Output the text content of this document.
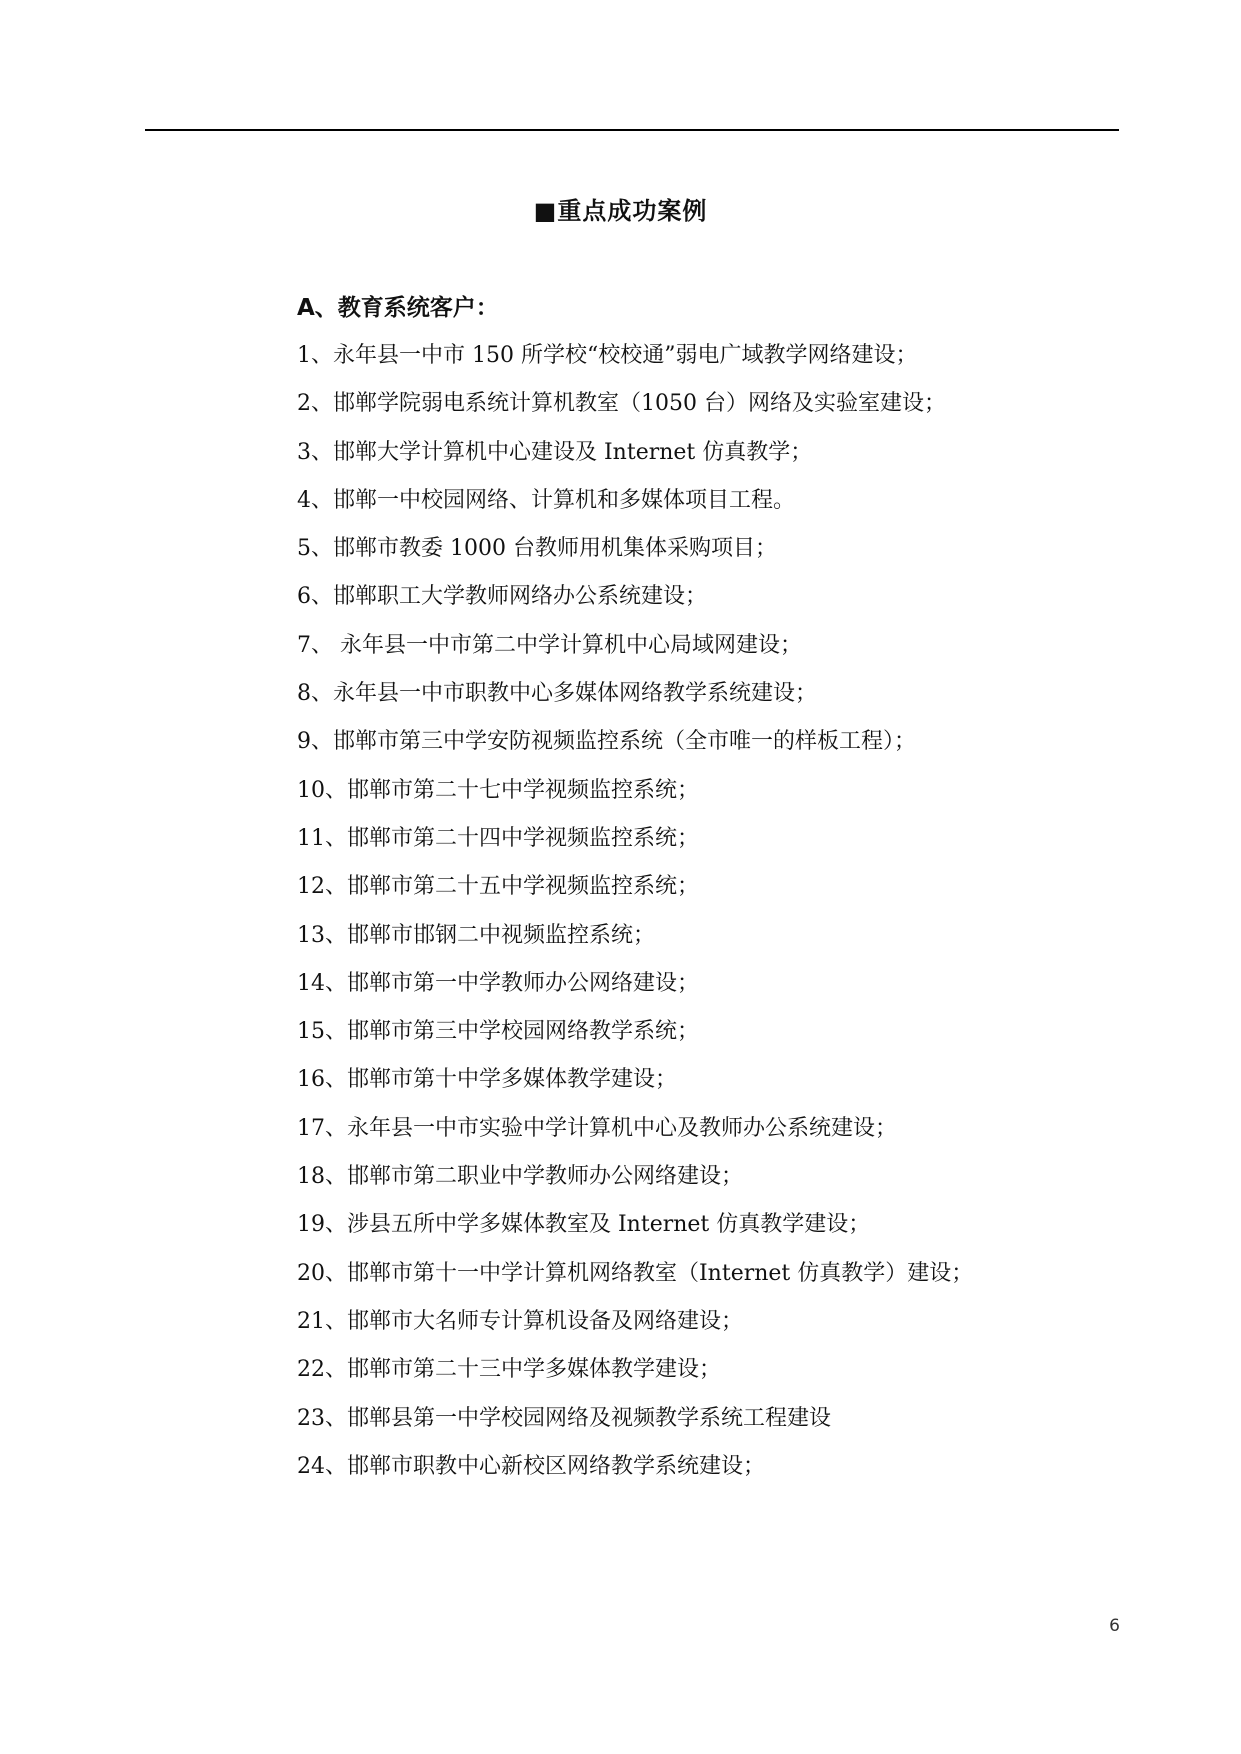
■重点成功案例
A、教育系统客户：
1、永年县一中市 150 所学校“校校通”弱电广域教学网络建设；
2、邯郸学院弱电系统计算机教室（1050 台）网络及实验室建设；
3、邯郸大学计算机中心建设及 Internet 仿真教学；
4、邯郸一中校园网络、计算机和多媒体项目工程。
5、邯郸市教委 1000 台教师用机集体采购项目；
6、邯郸职工大学教师网络办公系统建设；
7、 永年县一中市第二中学计算机中心局域网建设；
8、永年县一中市职教中心多媒体网络教学系统建设；
9、邯郸市第三中学安防视频监控系统（全市唯一的样板工程）；
10、邯郸市第二十七中学视频监控系统；
11、邯郸市第二十四中学视频监控系统；
12、邯郸市第二十五中学视频监控系统；
13、邯郸市邯钢二中视频监控系统；
14、邯郸市第一中学教师办公网络建设；
15、邯郸市第三中学校园网络教学系统；
16、邯郸市第十中学多媒体教学建设；
17、永年县一中市实验中学计算机中心及教师办公系统建设；
18、邯郸市第二职业中学教师办公网络建设；
19、涉县五所中学多媒体教室及 Internet 仿真教学建设；
20、邯郸市第十一中学计算机网络教室（Internet 仿真教学）建设；
21、邯郸市大名师专计算机设备及网络建设；
22、邯郸市第二十三中学多媒体教学建设；
23、邯郸县第一中学校园网络及视频教学系统工程建设
24、邯郸市职教中心新校区网络教学系统建设；
6
